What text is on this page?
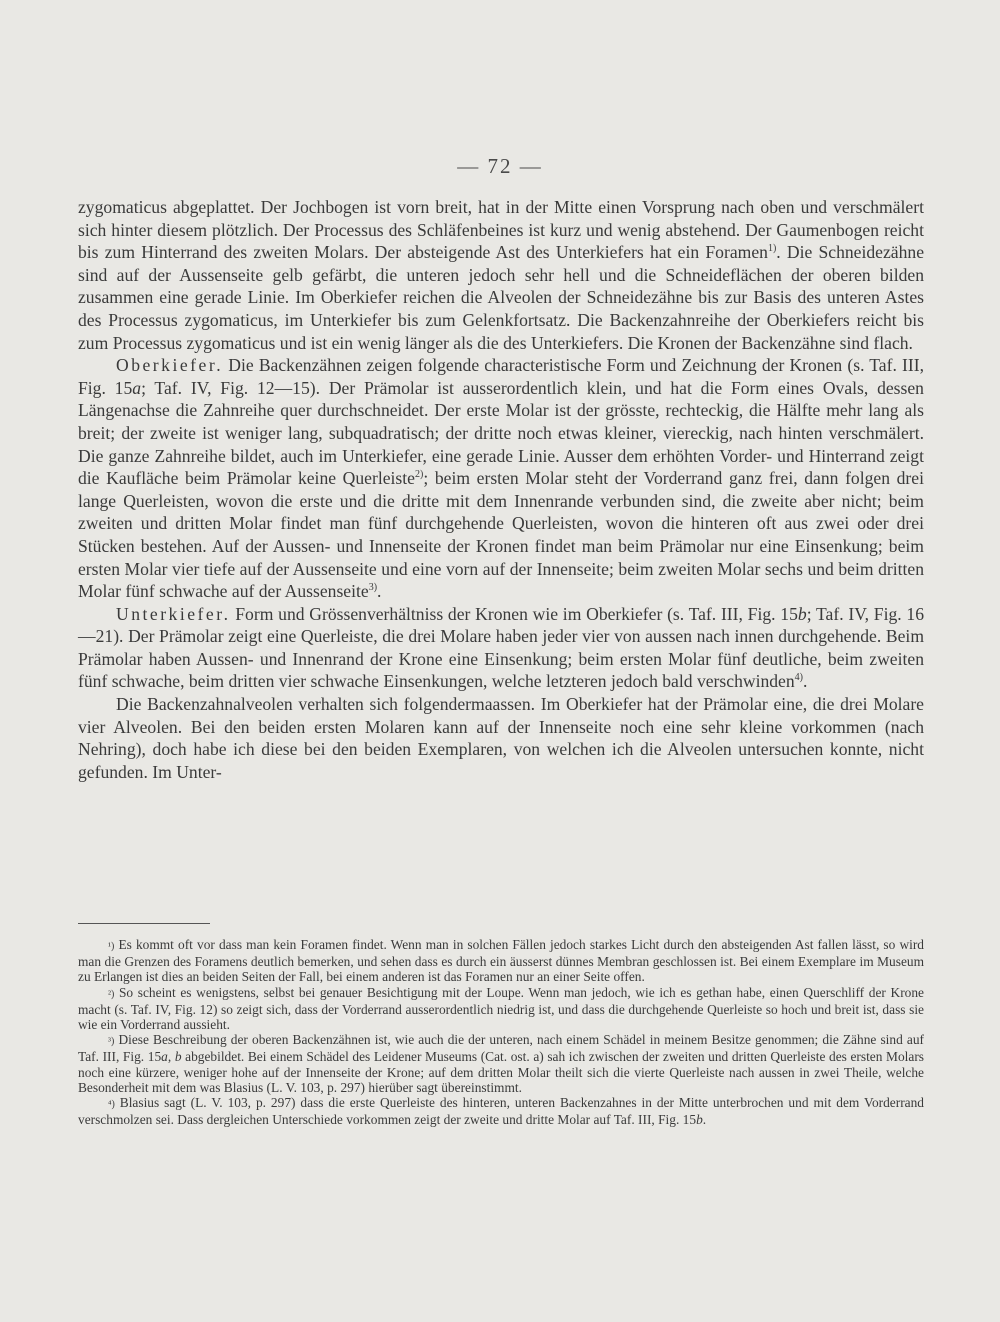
— 72 —

zygomaticus abgeplattet. Der Jochbogen ist vorn breit, hat in der Mitte einen Vorsprung nach oben und verschmälert sich hinter diesem plötzlich. Der Processus des Schläfenbeines ist kurz und wenig abstehend. Der Gaumenbogen reicht bis zum Hinterrand des zweiten Molars. Der absteigende Ast des Unterkiefers hat ein Foramen$^{1)}$. Die Schneidezähne sind auf der Aussenseite gelb gefärbt, die unteren jedoch sehr hell und die Schneideflächen der oberen bilden zusammen eine gerade Linie. Im Oberkiefer reichen die Alveolen der Schneidezähne bis zur Basis des unteren Astes des Processus zygomaticus, im Unterkiefer bis zum Gelenkfortsatz. Die Backenzahnreihe der Oberkiefers reicht bis zum Processus zygomaticus und ist ein wenig länger als die des Unterkiefers. Die Kronen der Backenzähne sind flach.

Oberkiefer. Die Backenzähnen zeigen folgende characteristische Form und Zeichnung der Kronen (s. Taf. III, Fig. 15a; Taf. IV, Fig. 12—15). Der Prämolar ist ausserordentlich klein, und hat die Form eines Ovals, dessen Längenachse die Zahnreihe quer durchschneidet. Der erste Molar ist der grösste, rechteckig, die Hälfte mehr lang als breit; der zweite ist weniger lang, subquadratisch; der dritte noch etwas kleiner, viereckig, nach hinten verschmälert. Die ganze Zahnreihe bildet, auch im Unterkiefer, eine gerade Linie. Ausser dem erhöhten Vorder- und Hinterrand zeigt die Kaufläche beim Prämolar keine Querleiste$^{2)}$; beim ersten Molar steht der Vorderrand ganz frei, dann folgen drei lange Querleisten, wovon die erste und die dritte mit dem Innenrande verbunden sind, die zweite aber nicht; beim zweiten und dritten Molar findet man fünf durchgehende Querleisten, wovon die hinteren oft aus zwei oder drei Stücken bestehen. Auf der Aussen- und Innenseite der Kronen findet man beim Prämolar nur eine Einsenkung; beim ersten Molar vier tiefe auf der Aussenseite und eine vorn auf der Innenseite; beim zweiten Molar sechs und beim dritten Molar fünf schwache auf der Aussenseite$^{3)}$.

Unterkiefer. Form und Grössenverhältniss der Kronen wie im Oberkiefer (s. Taf. III, Fig. 15b; Taf. IV, Fig. 16—21). Der Prämolar zeigt eine Querleiste, die drei Molare haben jeder vier von aussen nach innen durchgehende. Beim Prämolar haben Aussen- und Innenrand der Krone eine Einsenkung; beim ersten Molar fünf deutliche, beim zweiten fünf schwache, beim dritten vier schwache Einsenkungen, welche letzteren jedoch bald verschwinden$^{4)}$.

Die Backenzahnalveolen verhalten sich folgendermaassen. Im Oberkiefer hat der Prämolar eine, die drei Molare vier Alveolen. Bei den beiden ersten Molaren kann auf der Innenseite noch eine sehr kleine vorkommen (nach Nehring), doch habe ich diese bei den beiden Exemplaren, von welchen ich die Alveolen untersuchen konnte, nicht gefunden. Im Unter-

¹) Es kommt oft vor dass man kein Foramen findet. Wenn man in solchen Fällen jedoch starkes Licht durch den absteigenden Ast fallen lässt, so wird man die Grenzen des Foramens deutlich bemerken, und sehen dass es durch ein äusserst dünnes Membran geschlossen ist. Bei einem Exemplare im Museum zu Erlangen ist dies an beiden Seiten der Fall, bei einem anderen ist das Foramen nur an einer Seite offen.

²) So scheint es wenigstens, selbst bei genauer Besichtigung mit der Loupe. Wenn man jedoch, wie ich es gethan habe, einen Querschliff der Krone macht (s. Taf. IV, Fig. 12) so zeigt sich, dass der Vorderrand ausserordentlich niedrig ist, und dass die durchgehende Querleiste so hoch und breit ist, dass sie wie ein Vorderrand aussieht.

³) Diese Beschreibung der oberen Backenzähnen ist, wie auch die der unteren, nach einem Schädel in meinem Besitze genommen; die Zähne sind auf Taf. III, Fig. 15a, b abgebildet. Bei einem Schädel des Leidener Museums (Cat. ost. a) sah ich zwischen der zweiten und dritten Querleiste des ersten Molars noch eine kürzere, weniger hohe auf der Innenseite der Krone; auf dem dritten Molar theilt sich die vierte Querleiste nach aussen in zwei Theile, welche Besonderheit mit dem was Blasius (L. V. 103, p. 297) hierüber sagt übereinstimmt.

⁴) Blasius sagt (L. V. 103, p. 297) dass die erste Querleiste des hinteren, unteren Backenzahnes in der Mitte unterbrochen und mit dem Vorderrand verschmolzen sei. Dass dergleichen Unterschiede vorkommen zeigt der zweite und dritte Molar auf Taf. III, Fig. 15b.
